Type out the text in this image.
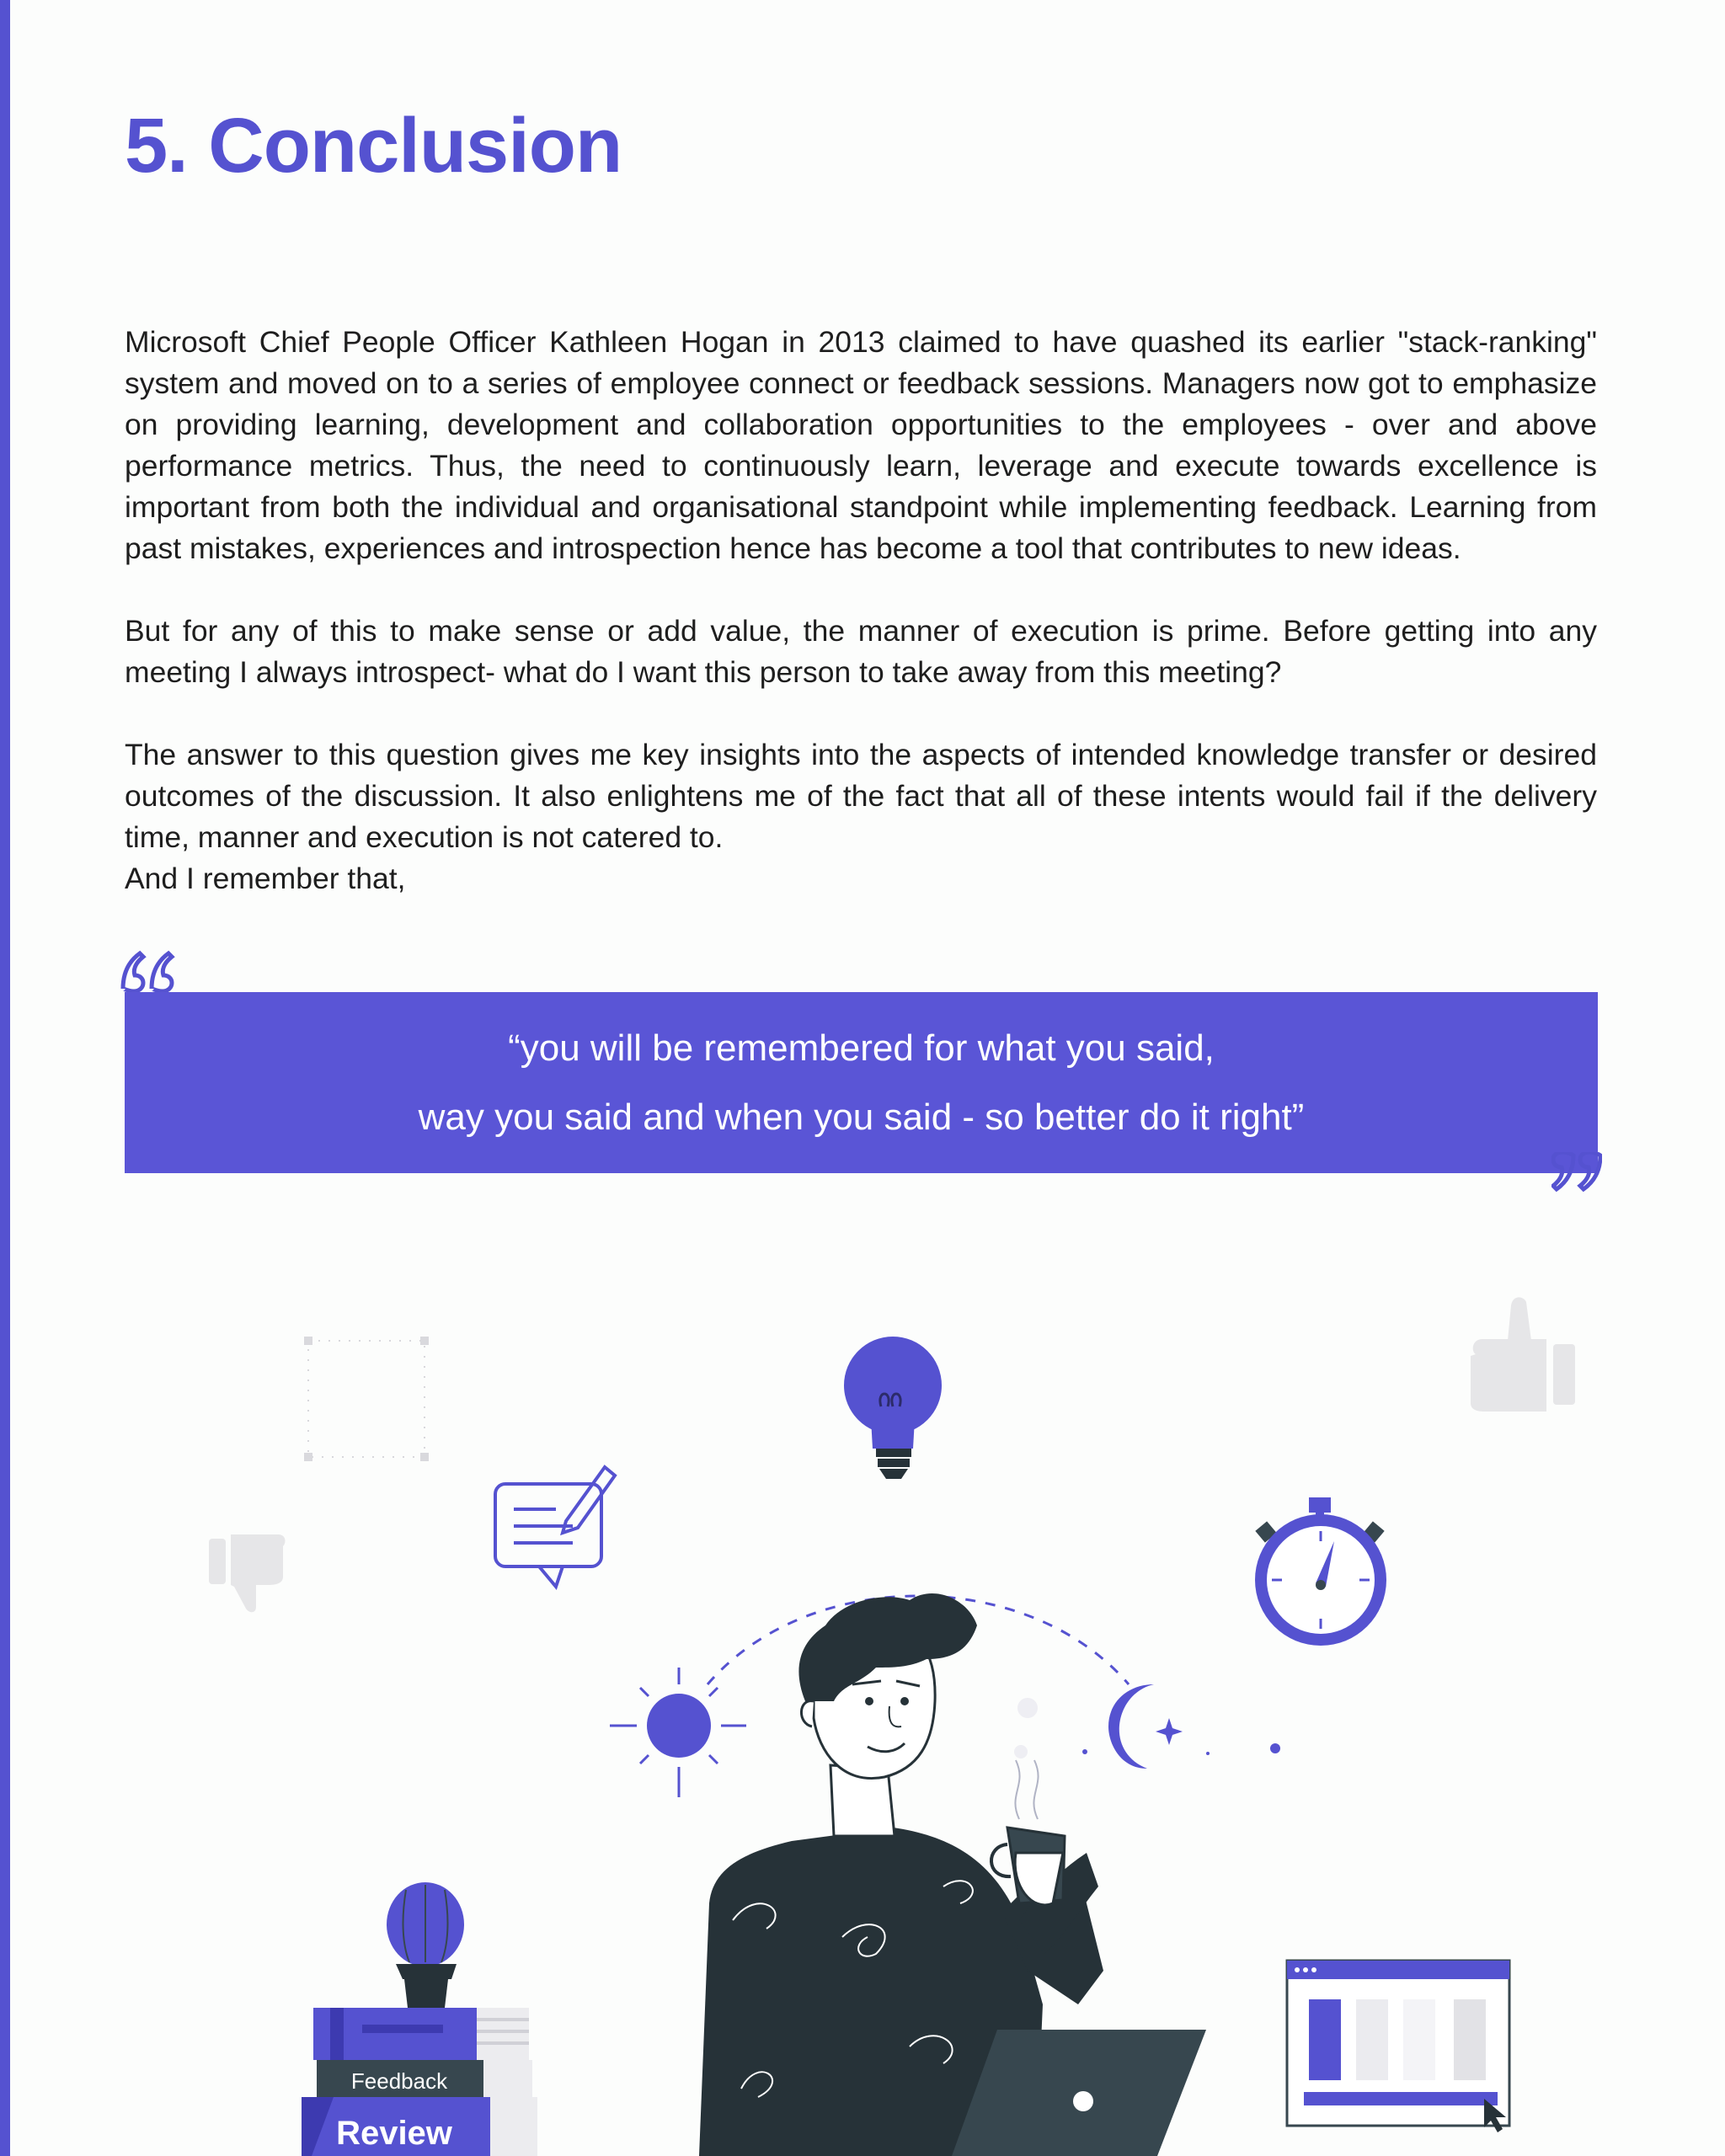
5. Conclusion

Microsoft Chief People Officer Kathleen Hogan in 2013 claimed to have quashed its earlier "stack-ranking" system and moved on to a series of employee connect or feedback sessions. Managers now got to emphasize on providing learning, development and collaboration opportunities to the employees - over and above performance metrics. Thus, the need to continuously learn, leverage and execute towards excellence is important from both the individual and organisational standpoint while implementing feedback. Learning from past mistakes, experiences and introspection hence has become a tool that contributes to new ideas.

But for any of this to make sense or add value, the manner of execution is prime. Before getting into any meeting I always introspect- what do I want this person to take away from this meeting?

The answer to this question gives me key insights into the aspects of intended knowledge transfer or desired outcomes of the discussion. It also enlightens me of the fact that all of these intents would fail if the delivery time, manner and execution is not catered to.

And I remember that,

“you will be remembered for what you said,
way you said and when you said - so better do it right”
Feedback
Review
